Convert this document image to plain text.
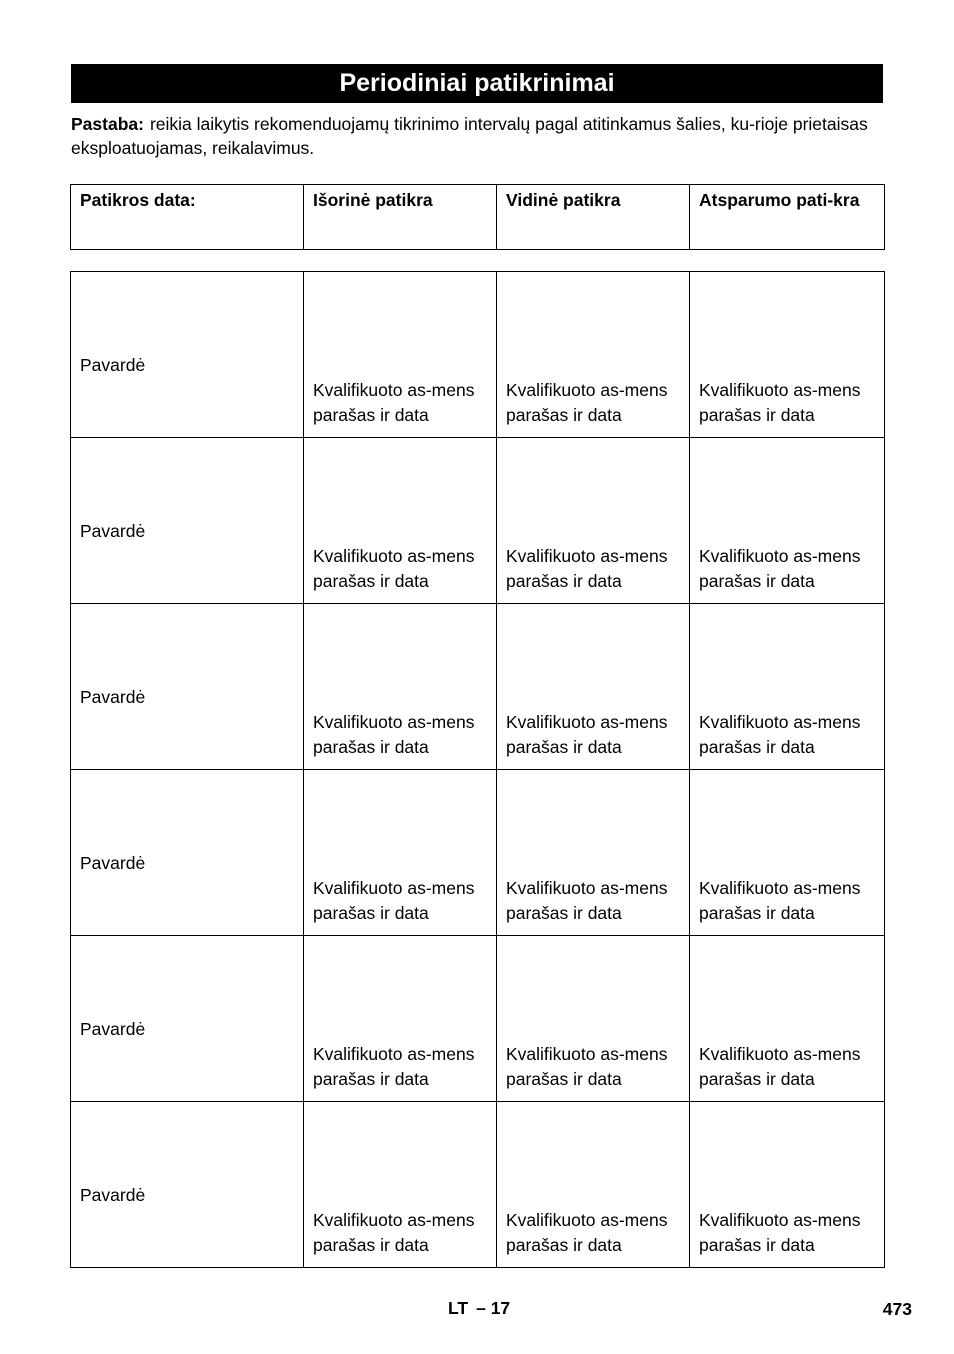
Periodiniai patikrinimai
Pastaba: reikia laikytis rekomenduojamų tikrinimo intervalų pagal atitinkamus šalies, ku-rioje prietaisas eksploatuojamas, reikalavimus.
Patikros data:	Išorinė patikra	Vidinė patikra	Atsparumo pati-kra
Pavardė	Kvalifikuoto as-mens parašas ir data	Kvalifikuoto as-mens parašas ir data	Kvalifikuoto as-mens parašas ir data
Pavardė	Kvalifikuoto as-mens parašas ir data	Kvalifikuoto as-mens parašas ir data	Kvalifikuoto as-mens parašas ir data
Pavardė	Kvalifikuoto as-mens parašas ir data	Kvalifikuoto as-mens parašas ir data	Kvalifikuoto as-mens parašas ir data
Pavardė	Kvalifikuoto as-mens parašas ir data	Kvalifikuoto as-mens parašas ir data	Kvalifikuoto as-mens parašas ir data
Pavardė	Kvalifikuoto as-mens parašas ir data	Kvalifikuoto as-mens parašas ir data	Kvalifikuoto as-mens parašas ir data
Pavardė	Kvalifikuoto as-mens parašas ir data	Kvalifikuoto as-mens parašas ir data	Kvalifikuoto as-mens parašas ir data
LT – 17	473
